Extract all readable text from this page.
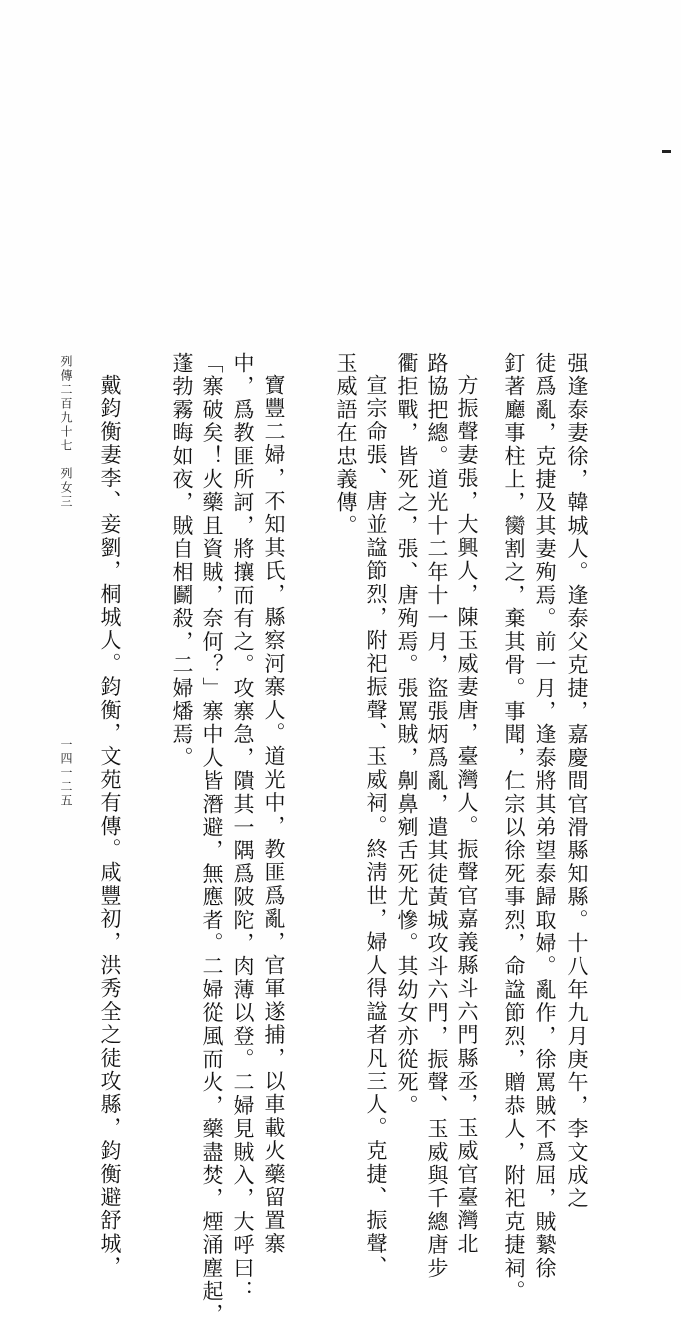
强逢泰妻徐，韓城人。逢泰父克捷，嘉慶間官滑縣知縣。十八年九月庚午，李文成之
徒爲亂，克捷及其妻殉焉。前一月，逢泰將其弟望泰歸取婦。亂作，徐罵賊不爲屈，賊縶徐
釘著廳事柱上，臠割之，棄其骨。事聞，仁宗以徐死事烈，命諡節烈，贈恭人，附祀克捷祠。
方振聲妻張，大興人，陳玉威妻唐，臺灣人。振聲官嘉義縣斗六門縣丞，玉威官臺灣北
路協把總。道光十二年十一月，盜張炳爲亂，遣其徒黃城攻斗六門，振聲、玉威與千總唐步
衢拒戰，皆死之，張、唐殉焉。張罵賊，劓鼻剜舌死尤慘。其幼女亦從死。
宣宗命張、唐並諡節烈，附祀振聲、玉威祠。終淸世，婦人得諡者凡三人。克捷、振聲、
玉威語在忠義傳。
寶豐二婦，不知其氏，縣察河寨人。道光中，教匪爲亂，官軍遂捕，以車載火藥留置寨
中，爲教匪所訶，將攘而有之。攻寨急，隤其一隅爲陂陀，肉薄以登。二婦見賊入，大呼曰：
「寨破矣！火藥且資賊，奈何？」寨中人皆潛避，無應者。二婦從風而火，藥盡焚，煙涌塵起，
蓬勃霧晦如夜，賊自相鬬殺，二婦燔焉。
戴鈞衡妻李、妾劉，桐城人。鈞衡，文苑有傳。咸豐初，洪秀全之徒攻縣，鈞衡避舒城，
列傳二百九十七　列女三
一四一二五
